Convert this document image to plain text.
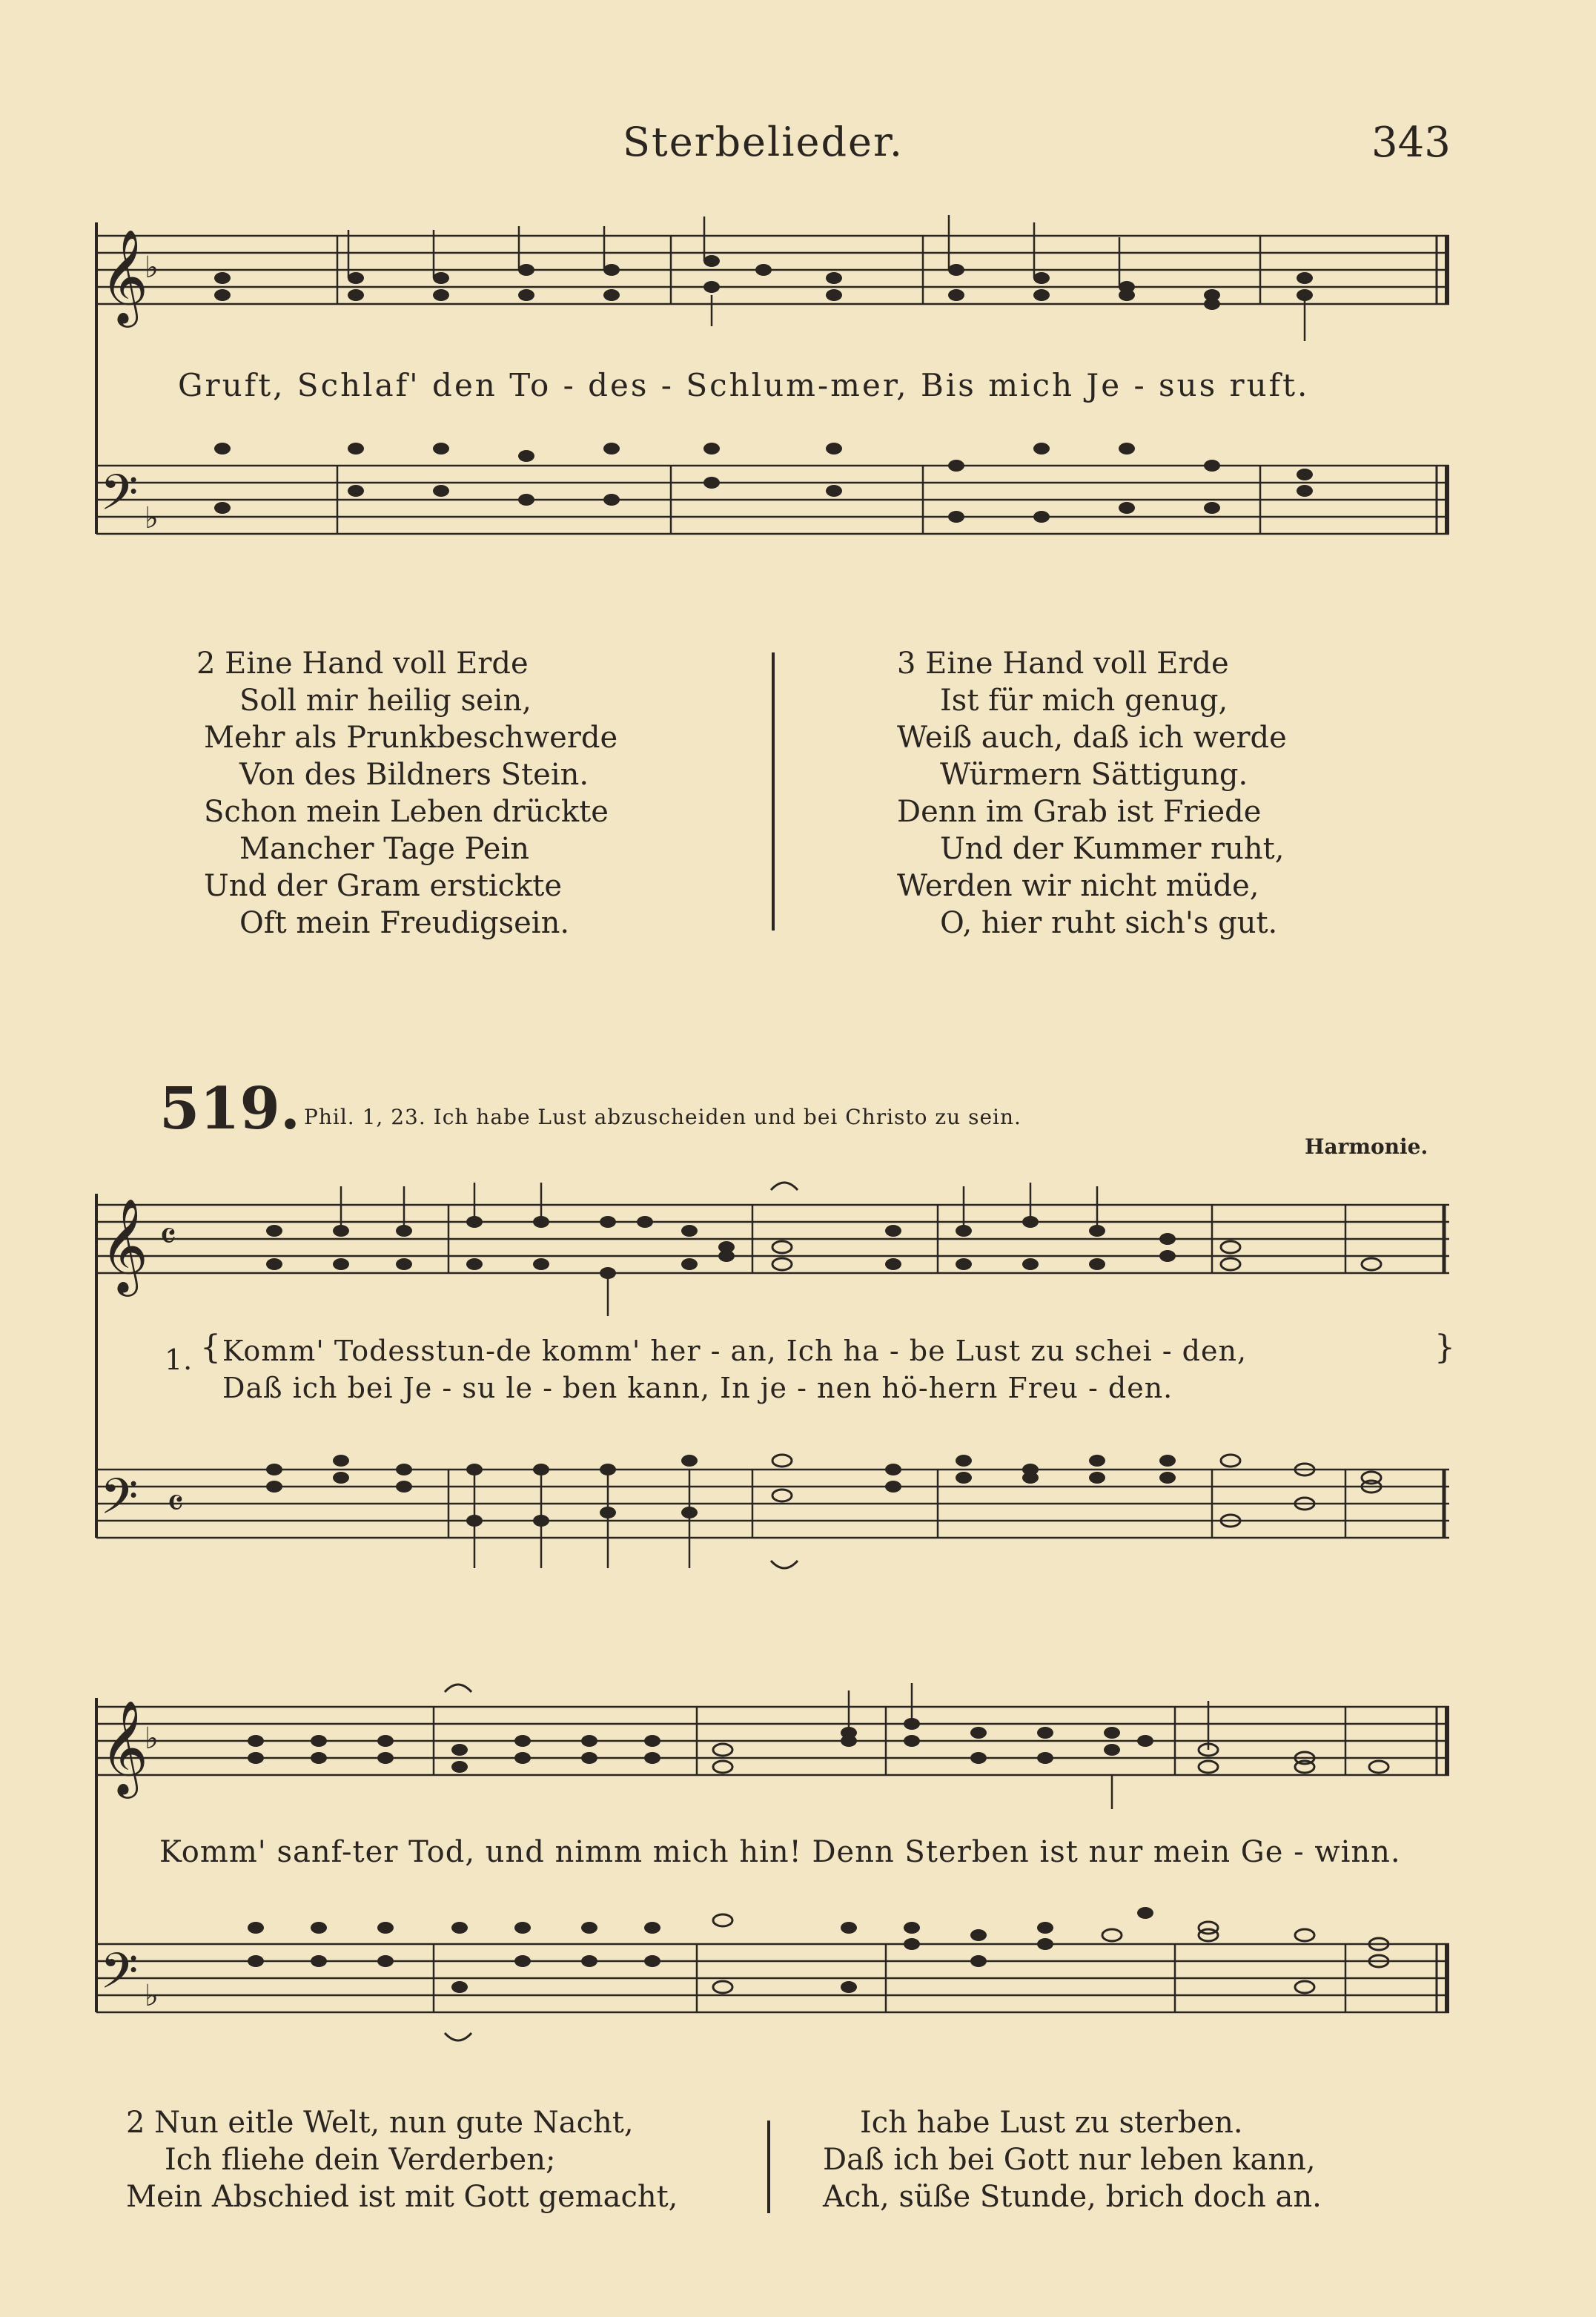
Sterbelieder.	343
𝄞
𝄢
♭
♭
𝄞
𝄢
𝄴
𝄴
𝄞
𝄢
♭
♭
Gruft, Schlaf' den To - des - Schlum-mer, Bis mich Je - sus ruft.
2 Eine Hand voll Erde
Soll mir heilig sein,
Mehr als Prunkbeschwerde
Von des Bildners Stein.
Schon mein Leben drückte
Mancher Tage Pein
Und der Gram erstickte
Oft mein Freudigsein.
3 Eine Hand voll Erde
Ist für mich genug,
Weiß auch, daß ich werde
Würmern Sättigung.
Denn im Grab ist Friede
Und der Kummer ruht,
Werden wir nicht müde,
O, hier ruht sich's gut.
519. Phil. 1, 23. Ich habe Lust abzuscheiden und bei Christo zu sein.
Harmonie.
1. { Komm' Todesstun-de komm' her - an, Ich ha - be Lust zu schei - den,
Daß ich bei Je - su le - ben kann, In je - nen hö-hern Freu - den.
}
Komm' sanf-ter Tod, und nimm mich hin! Denn Sterben ist nur mein Ge - winn.
2 Nun eitle Welt, nun gute Nacht,
Ich fliehe dein Verderben;
Mein Abschied ist mit Gott gemacht,
Ich habe Lust zu sterben.
Daß ich bei Gott nur leben kann,
Ach, süße Stunde, brich doch an.
